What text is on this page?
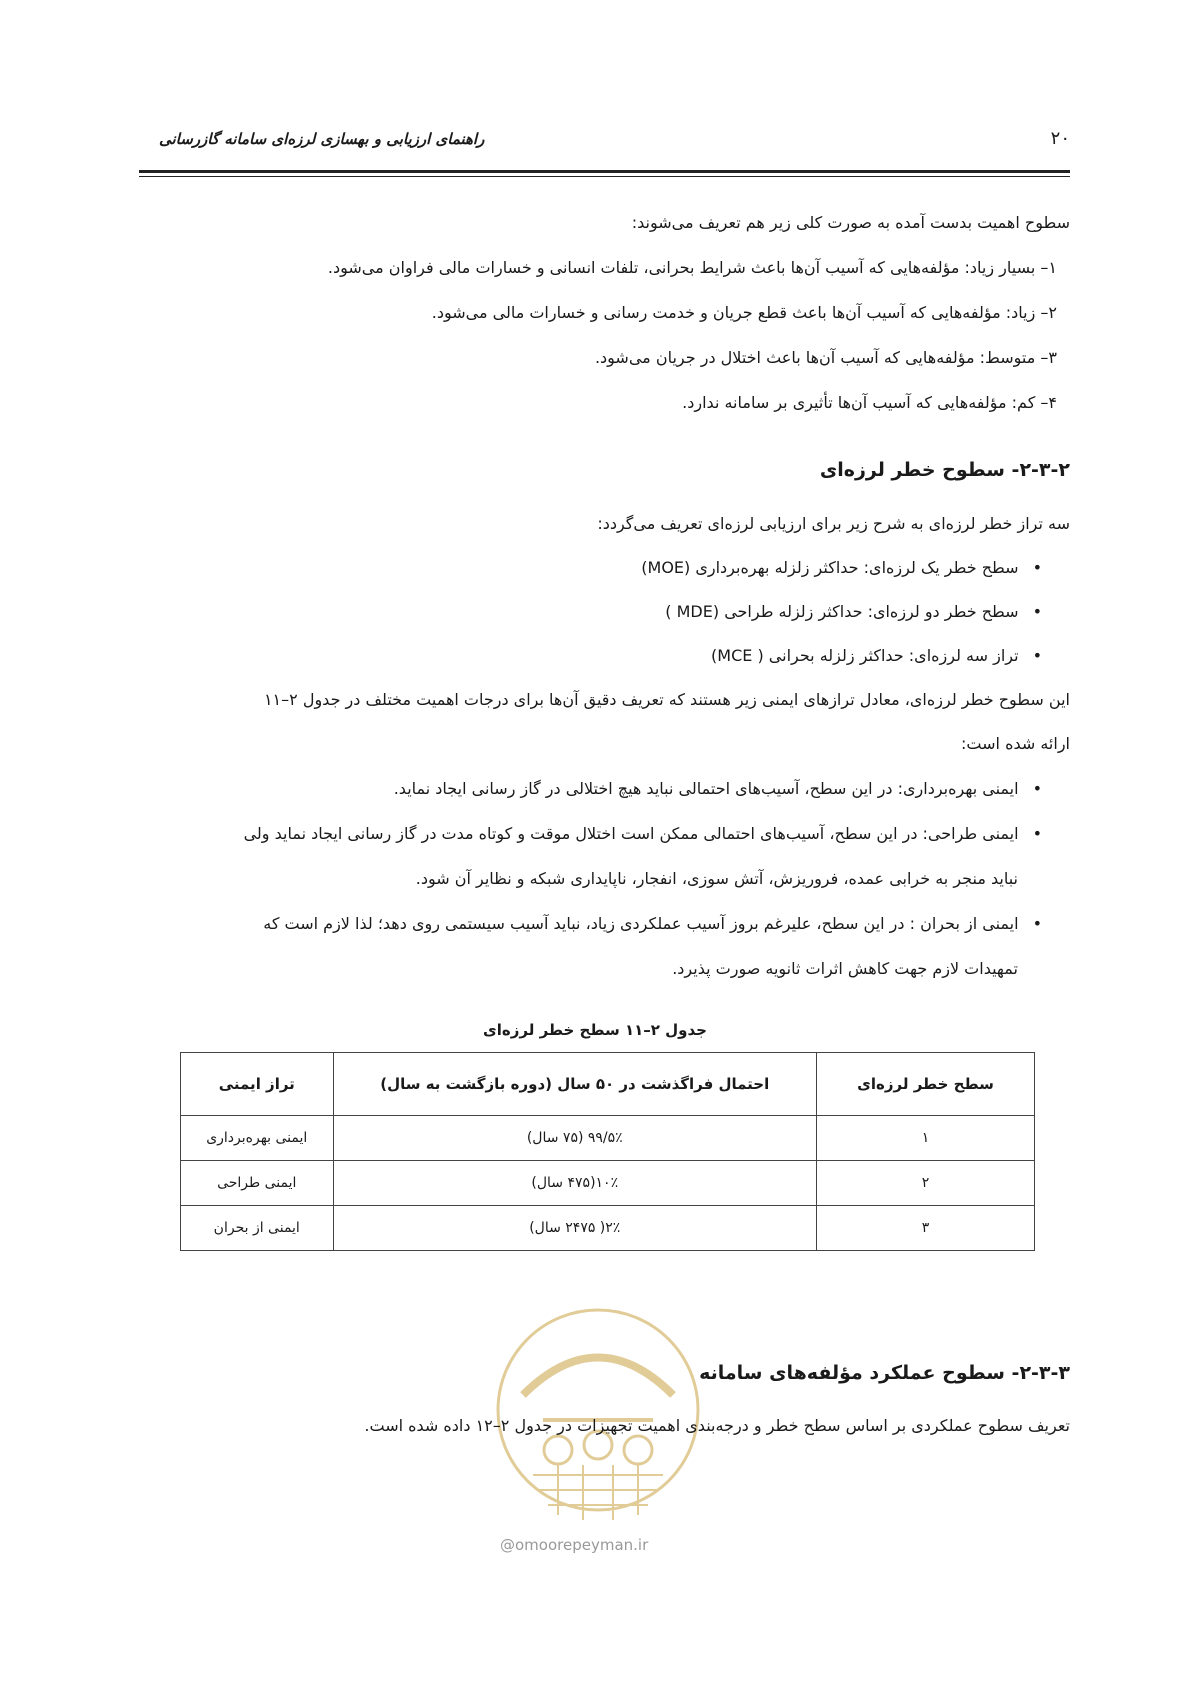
۲۰
راهنمای ارزیابی و بهسازی لرزه‌ای سامانه گازرسانی
سطوح اهمیت بدست آمده به صورت کلی زیر هم تعریف می‌شوند:
۱– بسیار زیاد: مؤلفه‌هایی که آسیب آن‌ها باعث شرایط بحرانی، تلفات انسانی و خسارات مالی فراوان می‌شود.
۲– زیاد: مؤلفه‌هایی که آسیب آن‌ها باعث قطع جریان و خدمت رسانی و خسارات مالی می‌شود.
۳– متوسط: مؤلفه‌هایی که آسیب آن‌ها باعث اختلال در جریان می‌شود.
۴– کم: مؤلفه‌هایی که آسیب آن‌ها تأثیری بر سامانه ندارد.
۲-۳-۲- سطوح خطر لرزه‌ای
سه تراز خطر لرزه‌ای به شرح زیر برای ارزیابی لرزه‌ای تعریف می‌گردد:
• سطح خطر یک لرزه‌ای: حداکثر زلزله بهره‌برداری (MOE)
• سطح خطر دو لرزه‌ای: حداکثر زلزله طراحی (MDE )
• تراز سه لرزه‌ای: حداکثر زلزله بحرانی ( MCE)
این سطوح خطر لرزه‌ای، معادل ترازهای ایمنی زیر هستند که تعریف دقیق آن‌ها برای درجات اهمیت مختلف در جدول ۲–۱۱
ارائه شده است:
• ایمنی بهره‌برداری: در این سطح، آسیب‌های احتمالی نباید هیچ اختلالی در گاز رسانی ایجاد نماید.
• ایمنی طراحی: در این سطح، آسیب‌های احتمالی ممکن است اختلال موقت و کوتاه مدت در گاز رسانی ایجاد نماید ولی
نباید منجر به خرابی عمده، فروریزش، آتش سوزی، انفجار، ناپایداری شبکه و نظایر آن شود.
• ایمنی از بحران : در این سطح، علیرغم بروز آسیب عملکردی زیاد، نباید آسیب سیستمی روی دهد؛ لذا لازم است که
تمهیدات لازم جهت کاهش اثرات ثانویه صورت پذیرد.
جدول ۲–۱۱ سطح خطر لرزه‌ای
سطح خطر لرزه‌ای	احتمال فراگذشت در ۵۰ سال (دوره بازگشت به سال)	تراز ایمنی
۱	۹۹/۵٪ (۷۵ سال)	ایمنی بهره‌برداری
۲	۱۰٪(۴۷۵ سال)	ایمنی طراحی
۳	۲٪( ۲۴۷۵ سال)	ایمنی از بحران
@omoorepeyman.ir
۲-۳-۳- سطوح عملکرد مؤلفه‌های سامانه
تعریف سطوح عملکردی بر اساس سطح خطر و درجه‌بندی اهمیت تجهیزات در جدول ۲–۱۲ داده شده است.
